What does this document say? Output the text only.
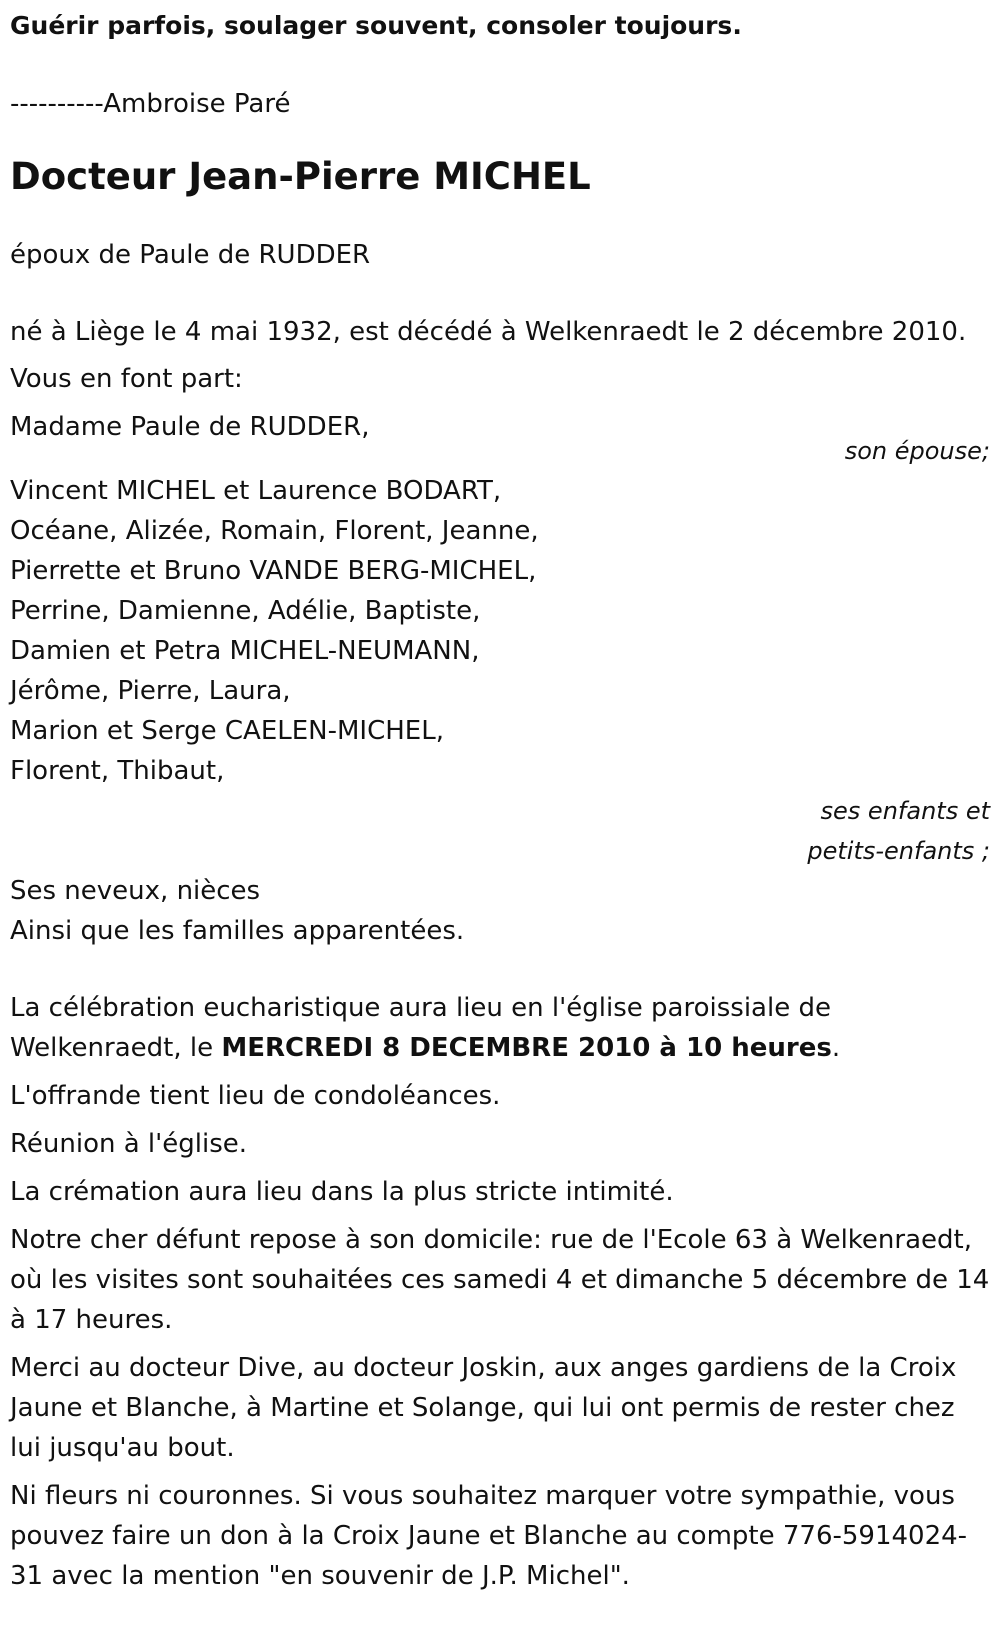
Guérir parfois, soulager souvent, consoler toujours.

----------Ambroise Paré

Docteur Jean-Pierre MICHEL

époux de Paule de RUDDER

né à Liège le 4 mai 1932, est décédé à Welkenraedt le 2 décembre 2010.

Vous en font part:

Madame Paule de RUDDER,

son épouse;

Vincent MICHEL et Laurence BODART,

Océane, Alizée, Romain, Florent, Jeanne,

Pierrette et Bruno VANDE BERG-MICHEL,

Perrine, Damienne, Adélie, Baptiste,

Damien et Petra MICHEL-NEUMANN,

Jérôme, Pierre, Laura,

Marion et Serge CAELEN-MICHEL,

Florent, Thibaut,

ses enfants et

petits-enfants ;

Ses neveux, nièces

Ainsi que les familles apparentées.

La célébration eucharistique aura lieu en l'église paroissiale de Welkenraedt, le MERCREDI 8 DECEMBRE 2010 à 10 heures.

L'offrande tient lieu de condoléances.

Réunion à l'église.

La crémation aura lieu dans la plus stricte intimité.

Notre cher défunt repose à son domicile: rue de l'Ecole 63 à Welkenraedt, où les visites sont souhaitées ces samedi 4 et dimanche 5 décembre de 14 à 17 heures.

Merci au docteur Dive, au docteur Joskin, aux anges gardiens de la Croix Jaune et Blanche, à Martine et Solange, qui lui ont permis de rester chez lui jusqu'au bout.

Ni fleurs ni couronnes. Si vous souhaitez marquer votre sympathie, vous pouvez faire un don à la Croix Jaune et Blanche au compte 776-5914024-31 avec la mention "en souvenir de J.P. Michel".
